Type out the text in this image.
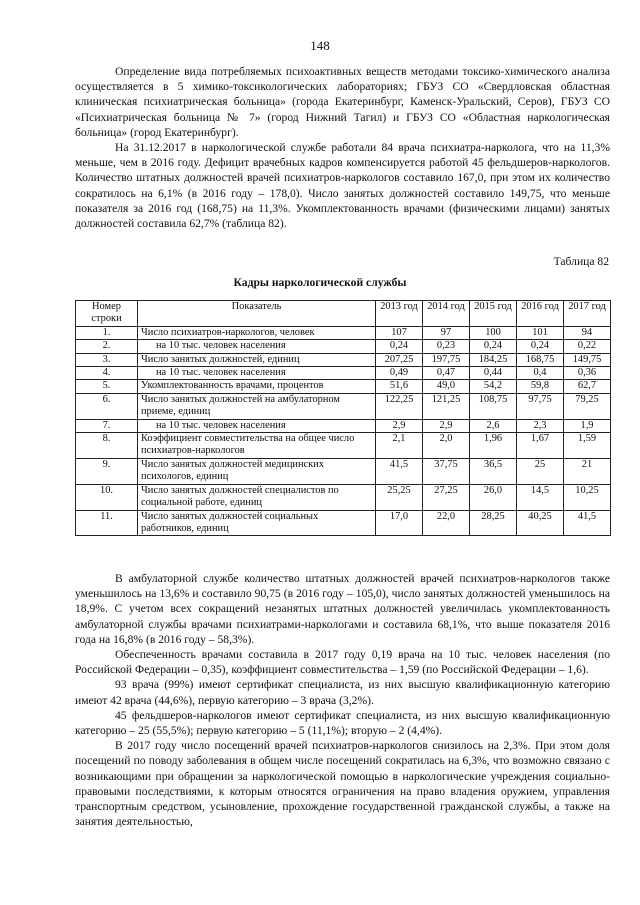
148

Определение вида потребляемых психоактивных веществ методами токсико-химического анализа осуществляется в 5 химико-токсикологических лабораториях; ГБУЗ СО «Свердловская областная клиническая психиатрическая больница» (города Екатеринбург, Каменск-Уральский, Серов), ГБУЗ СО «Психиатрическая больница № 7» (город Нижний Тагил) и ГБУЗ СО «Областная наркологическая больница» (город Екатеринбург).

На 31.12.2017 в наркологической службе работали 84 врача психиатра-нарколога, что на 11,3% меньше, чем в 2016 году. Дефицит врачебных кадров компенсируется работой 45 фельдшеров-наркологов. Количество штатных должностей врачей психиатров-наркологов составило 167,0, при этом их количество сократилось на 6,1% (в 2016 году – 178,0). Число занятых должностей составило 149,75, что меньше показателя за 2016 год (168,75) на 11,3%. Укомплектованность врачами (физическими лицами) занятых должностей составила 62,7% (таблица 82).

Таблица 82
Кадры наркологической службы
Номер строки	Показатель	2013 год	2014 год	2015 год	2016 год	2017 год
1.	Число психиатров-наркологов, человек	107	97	100	101	94
2.	на 10 тыс. человек населения	0,24	0,23	0,24	0,24	0,22
3.	Число занятых должностей, единиц	207,25	197,75	184,25	168,75	149,75
4.	на 10 тыс. человек населения	0,49	0,47	0,44	0,4	0,36
5.	Укомплектованность врачами, процентов	51,6	49,0	54,2	59,8	62,7
6.	Число занятых должностей на амбулаторном приеме, единиц	122,25	121,25	108,75	97,75	79,25
7.	на 10 тыс. человек населения	2,9	2,9	2,6	2,3	1,9
8.	Коэффициент совместительства на общее число психиатров-наркологов	2,1	2,0	1,96	1,67	1,59
9.	Число занятых должностей медицинских психологов, единиц	41,5	37,75	36,5	25	21
10.	Число занятых должностей специалистов по социальной работе, единиц	25,25	27,25	26,0	14,5	10,25
11.	Число занятых должностей социальных работников, единиц	17,0	22,0	28,25	40,25	41,5

В амбулаторной службе количество штатных должностей врачей психиатров-наркологов также уменьшилось на 13,6% и составило 90,75 (в 2016 году – 105,0), число занятых должностей уменьшилось на 18,9%. С учетом всех сокращений незанятых штатных должностей увеличилась укомплектованность амбулаторной службы врачами психиатрами-наркологами и составила 68,1%, что выше показателя 2016 года на 16,8% (в 2016 году – 58,3%).

Обеспеченность врачами составила в 2017 году 0,19 врача на 10 тыс. человек населения (по Российской Федерации – 0,35), коэффициент совместительства – 1,59 (по Российской Федерации – 1,6).

93 врача (99%) имеют сертификат специалиста, из них высшую квалификационную категорию имеют 42 врача (44,6%), первую категорию – 3 врача (3,2%).

45 фельдшеров-наркологов имеют сертификат специалиста, из них высшую квалификационную категорию – 25 (55,5%); первую категорию – 5 (11,1%); вторую – 2 (4,4%).

В 2017 году число посещений врачей психиатров-наркологов снизилось на 2,3%. При этом доля посещений по поводу заболевания в общем числе посещений сократилась на 6,3%, что возможно связано с возникающими при обращении за наркологической помощью в наркологические учреждения социально-правовыми последствиями, к которым относятся ограничения на право владения оружием, управления транспортным средством, усыновление, прохождение государственной гражданской службы, а также на занятия деятельностью,
